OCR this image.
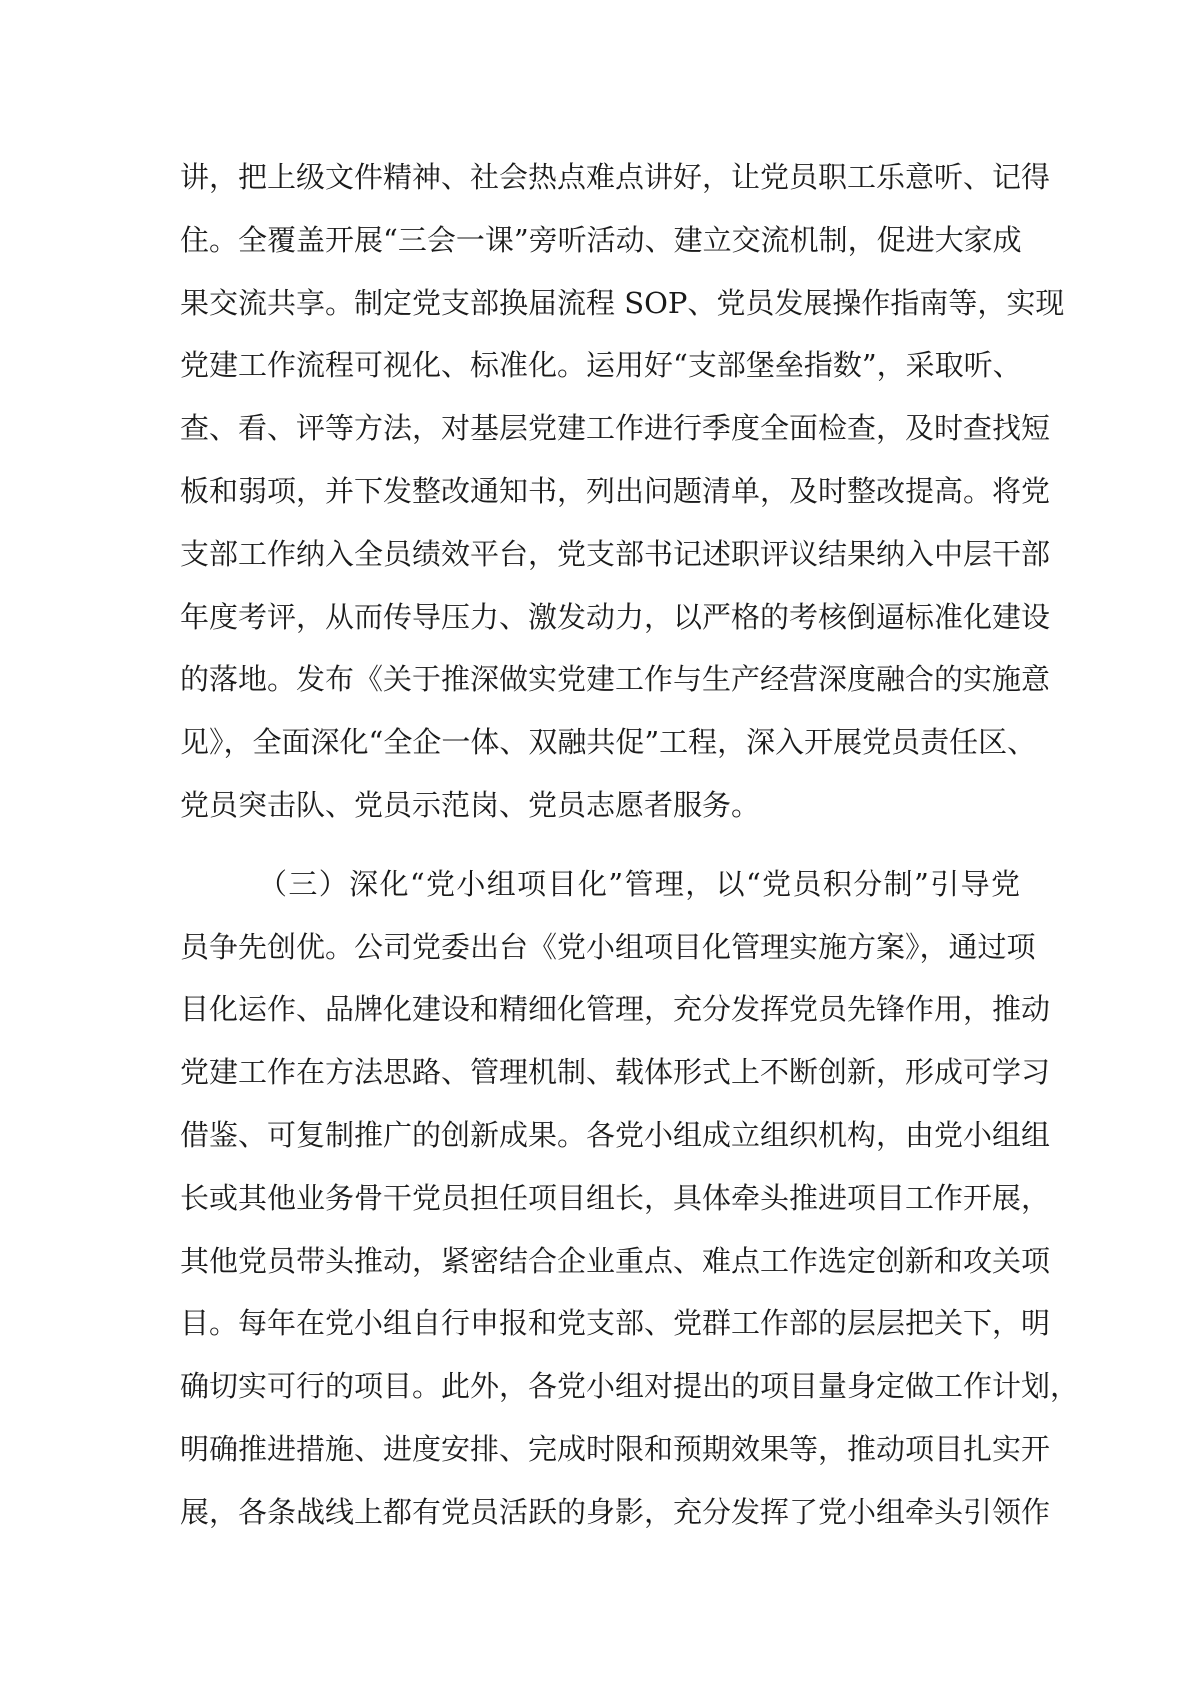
讲，把上级文件精神、社会热点难点讲好，让党员职工乐意听、记得
住。全覆盖开展“三会一课”旁听活动、建立交流机制，促进大家成
果交流共享。制定党支部换届流程 SOP、党员发展操作指南等，实现
党建工作流程可视化、标准化。运用好“支部堡垒指数”，采取听、
查、看、评等方法，对基层党建工作进行季度全面检查，及时查找短
板和弱项，并下发整改通知书，列出问题清单，及时整改提高。将党
支部工作纳入全员绩效平台，党支部书记述职评议结果纳入中层干部
年度考评，从而传导压力、激发动力，以严格的考核倒逼标准化建设
的落地。发布《关于推深做实党建工作与生产经营深度融合的实施意
见》，全面深化“全企一体、双融共促”工程，深入开展党员责任区、
党员突击队、党员示范岗、党员志愿者服务。
（三）深化“党小组项目化”管理，以“党员积分制”引导党
员争先创优。公司党委出台《党小组项目化管理实施方案》，通过项
目化运作、品牌化建设和精细化管理，充分发挥党员先锋作用，推动
党建工作在方法思路、管理机制、载体形式上不断创新，形成可学习
借鉴、可复制推广的创新成果。各党小组成立组织机构，由党小组组
长或其他业务骨干党员担任项目组长，具体牵头推进项目工作开展，
其他党员带头推动，紧密结合企业重点、难点工作选定创新和攻关项
目。每年在党小组自行申报和党支部、党群工作部的层层把关下，明
确切实可行的项目。此外，各党小组对提出的项目量身定做工作计划，
明确推进措施、进度安排、完成时限和预期效果等，推动项目扎实开
展，各条战线上都有党员活跃的身影，充分发挥了党小组牵头引领作
